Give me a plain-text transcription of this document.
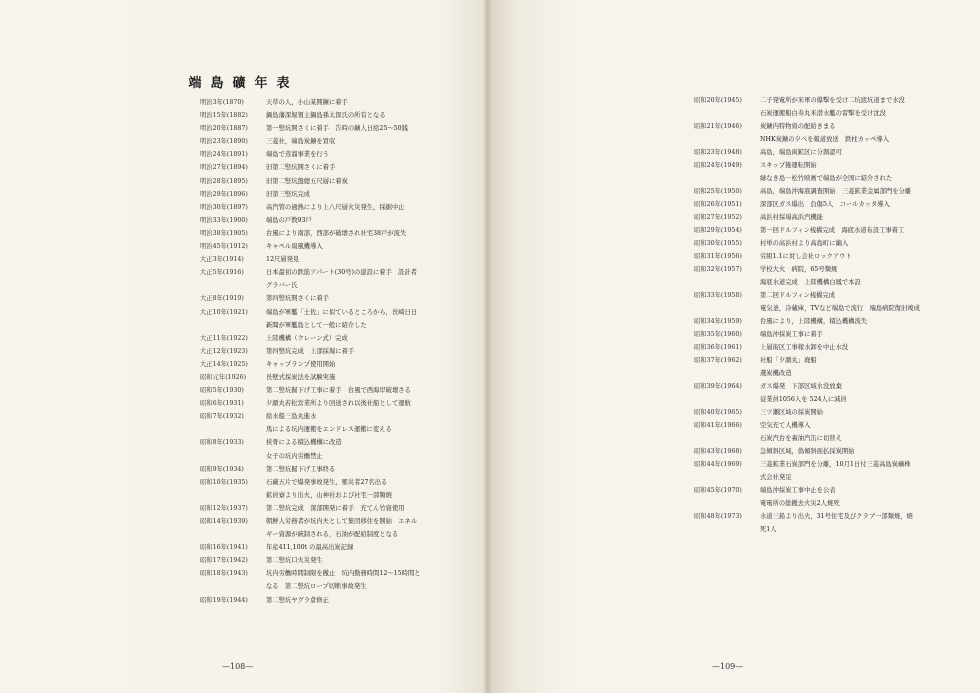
端島礦年表
明治3年(1870)	天草の人，小山某開鑛に着手
明治15年(1882)	鍋島藩深堀領主鍋島孫太郎氏の所有となる
明治20年(1887)	第一竪坑開さくに着手　告時の鑛人日給25～50銭
明治23年(1890)	三菱社，端島炭鑛を買収
明治24年(1891)	端島で蒸溜事業を行う
明治27年(1894)	旧第二竪坑開さくに着手
明治28年(1895)	旧第二竪坑盤總五尺層に着炭
明治29年(1896)	旧第三竪坑完成
明治30年(1897)	高汽管の過熱により上八尺層火災発生，採掘中止
明治33年(1900)	端島の戸数93戸
明治38年(1905)	台風により南部，西部が破壊され社宅38戸が流失
明治45年(1912)	キャペル扇風機導入
大正3年(1914)	12尺層発見
大正5年(1916)	日本最初の鉄筋アパート(30号)の建設に着手　設計者
グラバー氏
大正8年(1919)	第四竪坑開さくに着手
大正10年(1921)	端島が軍艦「土佐」に似ているところから，長崎日日
新聞が軍艦島として一般に紹介した
大正11年(1922)	上陸機構（クレーン式）完成
大正12年(1923)	第四竪坑完成　上部採堀に着手
大正14年(1925)	キャップランプ使用開始
昭和元年(1926)	長壁式採炭法を試験実施
昭和5年(1930)	第二竪坑掘下げ工事に着手　台風で西海岸破壊さる
昭和6年(1931)	夕顔丸若松営業所より回送され以後社船として運航
昭和7年(1932)	給水船三島丸進水
馬による坑内運搬をエンドレス運搬に変える
昭和8年(1933)	挟骨による積込機構に改造
女子の坑内労働禁止
昭和9年(1934)	第二竪坑掘下げ工事終る
昭和10年(1935)	石蔵五片で爆発事故発生，罹災者27名出る
鉱員寮より出火，山神社および社宅一部類焼
昭和12年(1937)	第二竪坑完成　深部開発に着手　充てん竹資使用
昭和14年(1939)	朝鮮人労務者が坑内夫として集団移住を開始　エネル
ギー資源が統制される，石油が配給制度となる
昭和16年(1941)	年産411,100t の最高出炭記録
昭和17年(1942)	第二竪坑口火災発生
昭和18年(1943)	坑内労働時間制限を撤止　坑内勤務時間12～15時間と
なる　第二竪坑ロープ切断事故発生
昭和19年(1944)	第二竪坑ヤグラ倉修正
—108—
昭和20年(1945)	二子発電所が米軍の爆撃を受け二坑底坑道まで水没
石炭運搬船白寿丸米潜水艦の雷撃を受け沈没
昭和21年(1946)	炭鑛内特物資の配給きまる
NHK炭鑛の夕べを報道放送　鉄柱カッペ導入
昭和23年(1948)	高島，端島両鉱区に分割認可
昭和24年(1949)	スキップ捲運転開始
緑なき島－松竹映画で端島が全国に紹介された
昭和25年(1950)	高島，端島沖海底調査開始　三菱鉱業金属部門を分離
昭和26年(1951)	深部区ガス爆出　負傷5人　コールカッタ導入
昭和27年(1952)	高浜村採場高浜汽機能
昭和29年(1954)	第一回ドルフィン桟橋完成　海底水道布設工事着工
昭和30年(1955)	村単の高浜村より高島町に編入
昭和31年(1956)	労組1.1に対し会社ロックアウト
昭和32年(1957)	学校大火　病院，65号類焼
海底水道完成　上陸機構白鳳で本設
昭和33年(1958)	第二回ドルフィン桟橋完成
電気釜，冷蔵庫，TVなど端島で流行　端島病院復旧竣成
昭和34年(1959)	台風により，上陸機構，積込機構流失
昭和35年(1960)	端島沖採炭工事に着手
昭和36年(1961)	上層街区工事稼水卸を中止水没
昭和37年(1962)	社船「夕顔丸」廃船
選炭機改造
昭和39年(1964)	ガス爆発　下部区域水没放棄
従業員1056人を 524人に減員
昭和40年(1965)	三ツ瀬区域の採炭開始
昭和41年(1966)	空気充て人機導入
石炭汽台を裏油汽缶に切替え
昭和43年(1968)	急傾斜区域，偽傾斜面払採炭開始
昭和44年(1969)	三菱鉱業石炭部門を分離，10月1日付三菱高島炭礦株
式会社発足
昭和45年(1970)	端島沖採炭工事中止を公表
電電所の総撤去火災2人焼死
昭和48年(1973)	水道三鉛より出火，31号住宅及びクラブ一部類焼，焼
死1人
—109—
